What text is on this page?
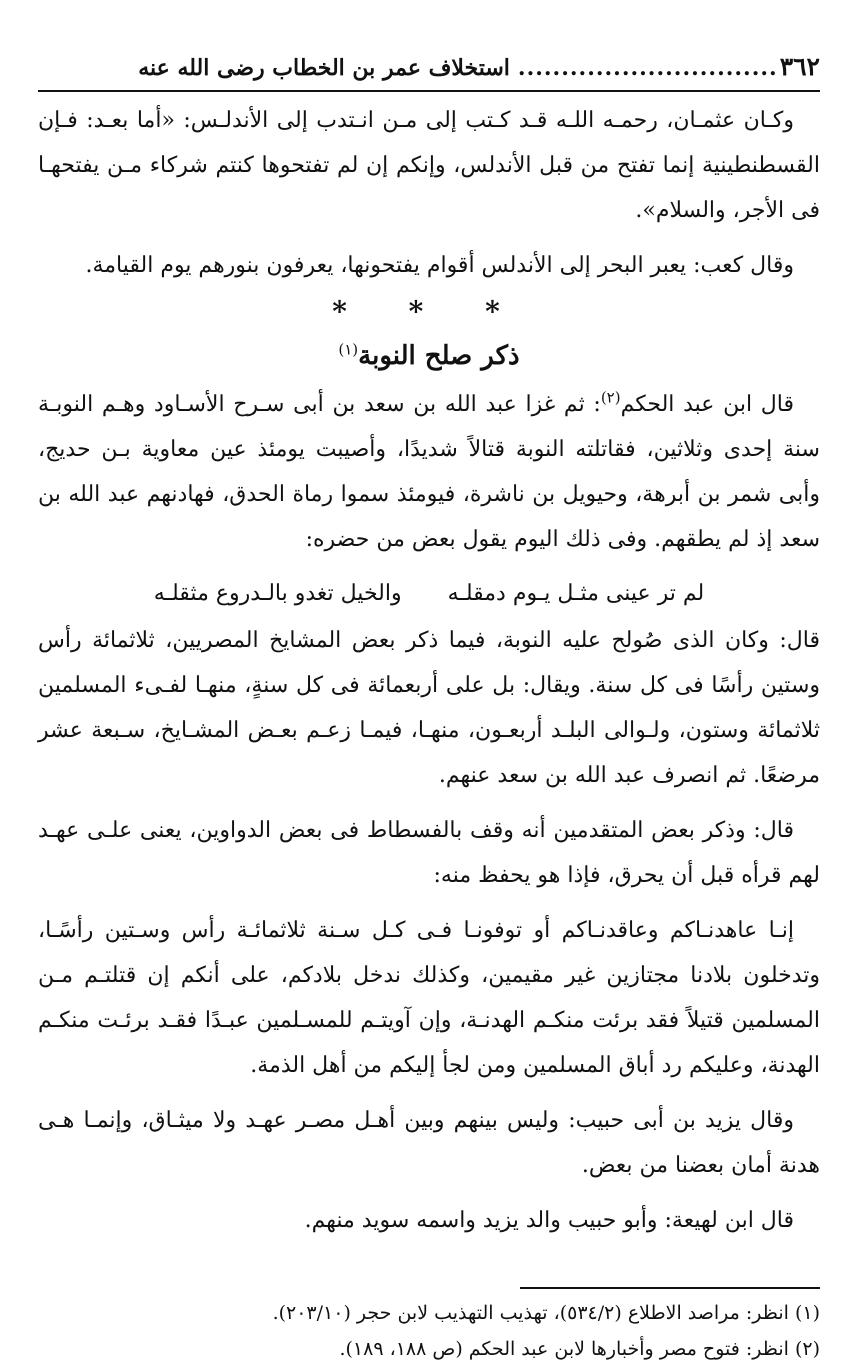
٣٦٢
..............................
استخلاف عمر بن الخطاب رضى الله عنه

وكـان عثمـان، رحمـه اللـه قـد كـتب إلى مـن انـتدب إلى الأندلـس: «أما بعـد: فـإن القسطنطينية إنما تفتح من قبل الأندلس، وإنكم إن لم تفتحوها كنتم شركاء مـن يفتحهـا فى الأجر، والسلام».

وقال كعب: يعبر البحر إلى الأندلس أقوام يفتحونها، يعرفون بنورهم يوم القيامة.

* * *
ذكر صلح النوبة$^{(١)}$

قال ابن عبد الحكم$^{(٢)}$: ثم غزا عبد الله بن سعد بن أبى سـرح الأسـاود وهـم النوبـة سنة إحدى وثلاثين، فقاتلته النوبة قتالاً شديدًا، وأصيبت يومئذ عين معاوية بـن حديج، وأبى شمر بن أبرهة، وحيويل بن ناشرة، فيومئذ سموا رماة الحدق، فهادنهم عبد الله بن سعد إذ لم يطقهم. وفى ذلك اليوم يقول بعض من حضره:

لم تر عينى مثـل يـوم دمقلـه
والخيل تغدو بالـدروع مثقلـه

قال: وكان الذى صُولح عليه النوبة، فيما ذكر بعض المشايخ المصريين، ثلاثمائة رأس وستين رأسًا فى كل سنة. ويقال: بل على أربعمائة فى كل سنةٍ، منهـا لفـىء المسلمين ثلاثمائة وستون، ولـوالى البلـد أربعـون، منهـا، فيمـا زعـم بعـض المشـايخ، سـبعة عشر مرضعًا. ثم انصرف عبد الله بن سعد عنهم.

قال: وذكر بعض المتقدمين أنه وقف بالفسطاط فى بعض الدواوين، يعنى علـى عهـد لهم قرأه قبل أن يحرق، فإذا هو يحفظ منه:

إنـا عاهدنـاكم وعاقدنـاكم أو توفونـا فـى كـل سـنة ثلاثمائـة رأس وسـتين رأسًـا، وتدخلون بلادنا مجتازين غير مقيمين، وكذلك ندخل بلادكم، على أنكم إن قتلتـم مـن المسلمين قتيلاً فقد برئت منكـم الهدنـة، وإن آويتـم للمسـلمين عبـدًا فقـد برئـت منكـم الهدنة، وعليكم رد أباق المسلمين ومن لجأ إليكم من أهل الذمة.

وقال يزيد بن أبى حبيب: وليس بينهم وبين أهـل مصـر عهـد ولا ميثـاق، وإنمـا هـى هدنة أمان بعضنا من بعض.

قال ابن لهيعة: وأبو حبيب والد يزيد واسمه سويد منهم.

(١) انظر: مراصد الاطلاع (٥٣٤/٢)، تهذيب التهذيب لابن حجر (٢٠٣/١٠).

(٢) انظر: فتوح مصر وأخبارها لابن عبد الحكم (ص ١٨٨، ١٨٩).
